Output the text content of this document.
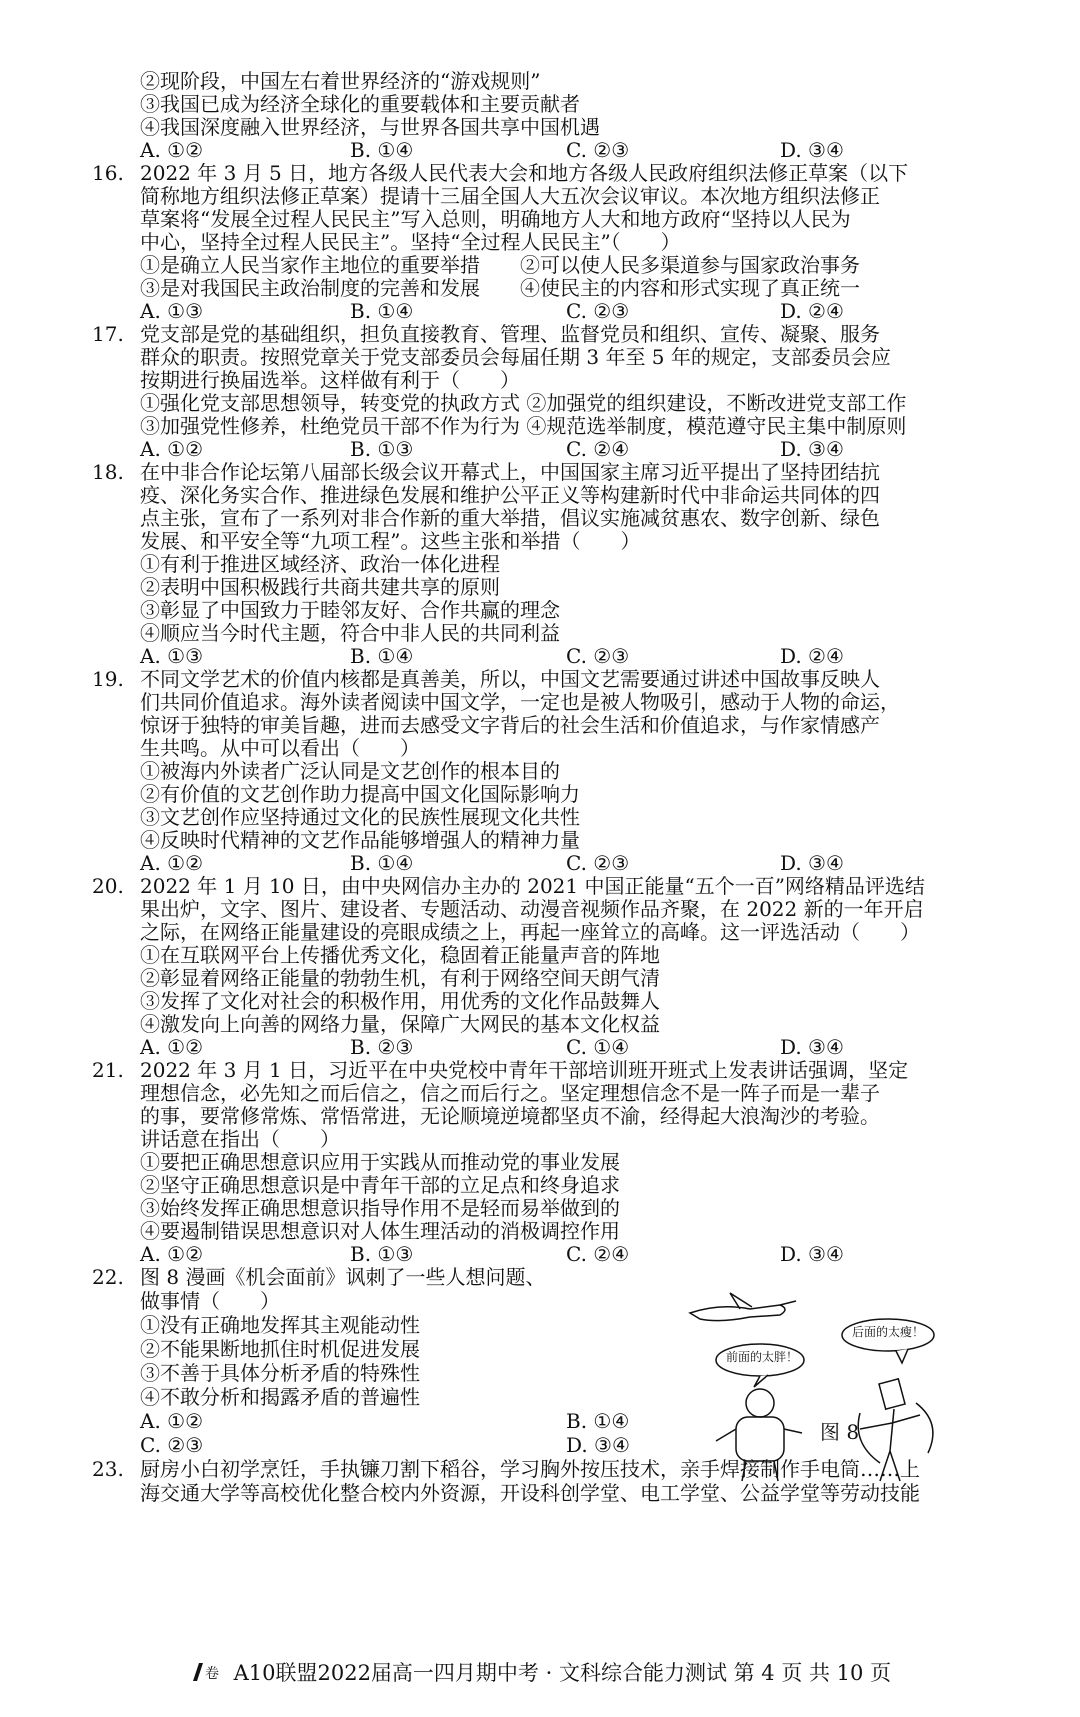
②现阶段，中国左右着世界经济的“游戏规则”
③我国已成为经济全球化的重要载体和主要贡献者
④我国深度融入世界经济，与世界各国共享中国机遇
A. ①②	B. ①④	C. ②③	D. ③④
16. 2022 年 3 月 5 日，地方各级人民代表大会和地方各级人民政府组织法修正草案（以下
简称地方组织法修正草案）提请十三届全国人大五次会议审议。本次地方组织法修正
草案将“发展全过程人民民主”写入总则，明确地方人大和地方政府“坚持以人民为
中心，坚持全过程人民民主”。坚持“全过程人民民主”（　　）
①是确立人民当家作主地位的重要举措　　②可以使人民多渠道参与国家政治事务
③是对我国民主政治制度的完善和发展　　④使民主的内容和形式实现了真正统一
A. ①③	B. ①④	C. ②③	D. ②④
17. 党支部是党的基础组织，担负直接教育、管理、监督党员和组织、宣传、凝聚、服务
群众的职责。按照党章关于党支部委员会每届任期 3 年至 5 年的规定，支部委员会应
按期进行换届选举。这样做有利于（　　）
①强化党支部思想领导，转变党的执政方式 ②加强党的组织建设，不断改进党支部工作
③加强党性修养，杜绝党员干部不作为行为 ④规范选举制度，模范遵守民主集中制原则
A. ①②	B. ①③	C. ②④	D. ③④
18. 在中非合作论坛第八届部长级会议开幕式上，中国国家主席习近平提出了坚持团结抗
疫、深化务实合作、推进绿色发展和维护公平正义等构建新时代中非命运共同体的四
点主张，宣布了一系列对非合作新的重大举措，倡议实施减贫惠农、数字创新、绿色
发展、和平安全等“九项工程”。这些主张和举措（　　）
①有利于推进区域经济、政治一体化进程
②表明中国积极践行共商共建共享的原则
③彰显了中国致力于睦邻友好、合作共赢的理念
④顺应当今时代主题，符合中非人民的共同利益
A. ①③	B. ①④	C. ②③	D. ②④
19. 不同文学艺术的价值内核都是真善美，所以，中国文艺需要通过讲述中国故事反映人
们共同价值追求。海外读者阅读中国文学，一定也是被人物吸引，感动于人物的命运，
惊讶于独特的审美旨趣，进而去感受文字背后的社会生活和价值追求，与作家情感产
生共鸣。从中可以看出（　　）
①被海内外读者广泛认同是文艺创作的根本目的
②有价值的文艺创作助力提高中国文化国际影响力
③文艺创作应坚持通过文化的民族性展现文化共性
④反映时代精神的文艺作品能够增强人的精神力量
A. ①②	B. ①④	C. ②③	D. ③④
20. 2022 年 1 月 10 日，由中央网信办主办的 2021 中国正能量“五个一百”网络精品评选结
果出炉，文字、图片、建设者、专题活动、动漫音视频作品齐聚，在 2022 新的一年开启
之际，在网络正能量建设的亮眼成绩之上，再起一座耸立的高峰。这一评选活动（　　）
①在互联网平台上传播优秀文化，稳固着正能量声音的阵地
②彰显着网络正能量的勃勃生机，有利于网络空间天朗气清
③发挥了文化对社会的积极作用，用优秀的文化作品鼓舞人
④激发向上向善的网络力量，保障广大网民的基本文化权益
A. ①②	B. ②③	C. ①④	D. ③④
21. 2022 年 3 月 1 日，习近平在中央党校中青年干部培训班开班式上发表讲话强调，坚定
理想信念，必先知之而后信之，信之而后行之。坚定理想信念不是一阵子而是一辈子
的事，要常修常炼、常悟常进，无论顺境逆境都坚贞不渝，经得起大浪淘沙的考验。
讲话意在指出（　　）
①要把正确思想意识应用于实践从而推动党的事业发展
②坚守正确思想意识是中青年干部的立足点和终身追求
③始终发挥正确思想意识指导作用不是轻而易举做到的
④要遏制错误思想意识对人体生理活动的消极调控作用
A. ①②	B. ①③	C. ②④	D. ③④
22. 图 8 漫画《机会面前》讽刺了一些人想问题、
做事情（　　）
①没有正确地发挥其主观能动性
②不能果断地抓住时机促进发展
③不善于具体分析矛盾的特殊性
④不敢分析和揭露矛盾的普遍性
A. ①②	B. ①④
C. ②③	D. ③④
前面的太胖！
后面的太瘦！
图 8
23. 厨房小白初学烹饪，手执镰刀割下稻谷，学习胸外按压技术，亲手焊接制作手电筒……上
海交通大学等高校优化整合校内外资源，开设科创学堂、电工学堂、公益学堂等劳动技能
卷 A10联盟2022届高一四月期中考 · 文科综合能力测试 第 4 页 共 10 页
